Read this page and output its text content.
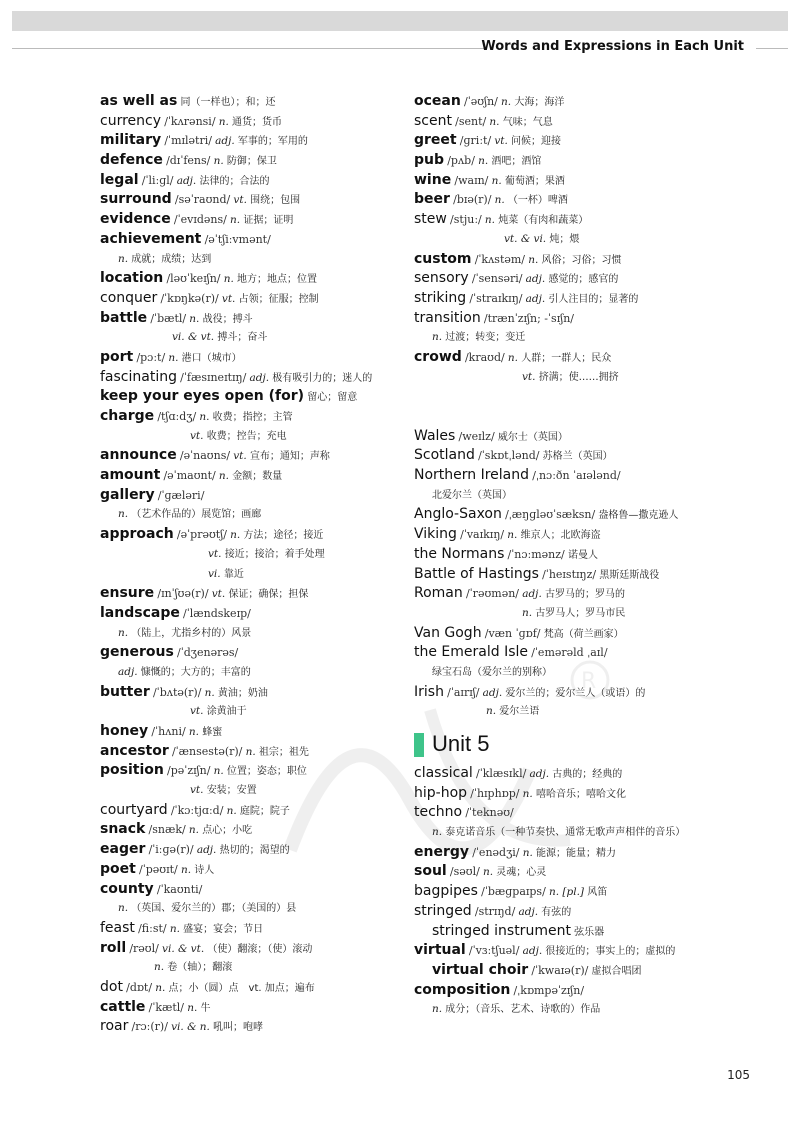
Words and Expressions in Each Unit
R
as well as 同（一样也）；和；还
currency /ˈkʌrənsi/ n. 通货；货币
military /ˈmɪlətri/ adj. 军事的；军用的
defence /dɪˈfens/ n. 防御；保卫
legal /ˈliːɡl/ adj. 法律的；合法的
surround /səˈraʊnd/ vt. 围绕；包围
evidence /ˈevɪdəns/ n. 证据；证明
achievement /əˈtʃiːvmənt/
n. 成就；成绩；达到
location /ləʊˈkeɪʃn/ n. 地方；地点；位置
conquer /ˈkɒŋkə(r)/ vt. 占领；征服；控制
battle /ˈbætl/ n. 战役；搏斗
vi. & vt. 搏斗；奋斗
port /pɔːt/ n. 港口（城市）
fascinating /ˈfæsɪneɪtɪŋ/ adj. 极有吸引力的；迷人的
keep your eyes open (for) 留心；留意
charge /tʃɑːdʒ/ n. 收费；指控；主管
vt. 收费；控告；充电
announce /əˈnaʊns/ vt. 宣布；通知；声称
amount /əˈmaʊnt/ n. 金额；数量
gallery /ˈɡæləri/
n. （艺术作品的）展览馆；画廊
approach /əˈprəʊtʃ/ n. 方法；途径；接近
vt. 接近；接洽；着手处理
vi. 靠近
ensure /ɪnˈʃʊə(r)/ vt. 保证；确保；担保
landscape /ˈlændskeɪp/
n. （陆上，尤指乡村的）风景
generous /ˈdʒenərəs/
adj. 慷慨的；大方的；丰富的
butter /ˈbʌtə(r)/ n. 黄油；奶油
vt. 涂黄油于
honey /ˈhʌni/ n. 蜂蜜
ancestor /ˈænsestə(r)/ n. 祖宗；祖先
position /pəˈzɪʃn/ n. 位置；姿态；职位
vt. 安装；安置
courtyard /ˈkɔːtjɑːd/ n. 庭院；院子
snack /snæk/ n. 点心；小吃
eager /ˈiːɡə(r)/ adj. 热切的；渴望的
poet /ˈpəʊɪt/ n. 诗人
county /ˈkaʊnti/
n. （英国、爱尔兰的）郡；（美国的）县
feast /fiːst/ n. 盛宴；宴会；节日
roll /rəʊl/ vi. & vt. （使）翻滚；（使）滚动
n. 卷（轴）；翻滚
dot /dɒt/ n. 点；小（圆）点　vt. 加点；遍布
cattle /ˈkætl/ n. 牛
roar /rɔː(r)/ vi. & n. 吼叫；咆哮
ocean /ˈəʊʃn/ n. 大海；海洋
scent /sent/ n. 气味；气息
greet /ɡriːt/ vt. 问候；迎接
pub /pʌb/ n. 酒吧；酒馆
wine /waɪn/ n. 葡萄酒；果酒
beer /bɪə(r)/ n. （一杯）啤酒
stew /stjuː/ n. 炖菜（有肉和蔬菜）
vt. & vi. 炖；煨
custom /ˈkʌstəm/ n. 风俗；习俗；习惯
sensory /ˈsensəri/ adj. 感觉的；感官的
striking /ˈstraɪkɪŋ/ adj. 引人注目的；显著的
transition /trænˈzɪʃn; -ˈsɪʃn/
n. 过渡；转变；变迁
crowd /kraʊd/ n. 人群；一群人；民众
vt. 挤满；使……拥挤
Wales /weɪlz/ 威尔士（英国）
Scotland /ˈskɒtˌlənd/ 苏格兰（英国）
Northern Ireland /ˌnɔːðn ˈaɪələnd/
北爱尔兰（英国）
Anglo-Saxon /ˌæŋɡləʊˈsæksn/ 盎格鲁—撒克逊人
Viking /ˈvaɪkɪŋ/ n. 维京人；北欧海盗
the Normans /ˈnɔːmənz/ 诺曼人
Battle of Hastings /ˈheɪstɪŋz/ 黑斯廷斯战役
Roman /ˈrəʊmən/ adj. 古罗马的；罗马的
n. 古罗马人；罗马市民
Van Gogh /væn ˈɡɒf/ 梵高（荷兰画家）
the Emerald Isle /ˈemərəld ˌaɪl/
绿宝石岛（爱尔兰的别称）
Irish /ˈaɪrɪʃ/ adj. 爱尔兰的；爱尔兰人（或语）的
n. 爱尔兰语
Unit 5
classical /ˈklæsɪkl/ adj. 古典的；经典的
hip-hop /ˈhɪphɒp/ n. 嘻哈音乐；嘻哈文化
techno /ˈteknəʊ/
n. 泰克诺音乐（一种节奏快、通常无歌声声相伴的音乐）
energy /ˈenədʒi/ n. 能源；能量；精力
soul /səʊl/ n. 灵魂；心灵
bagpipes /ˈbæɡpaɪps/ n. [pl.] 风笛
stringed /strɪŋd/ adj. 有弦的
stringed instrument 弦乐器
virtual /ˈvɜːtʃuəl/ adj. 很接近的；事实上的；虚拟的
virtual choir /ˈkwaɪə(r)/ 虚拟合唱团
composition /ˌkɒmpəˈzɪʃn/
n. 成分；（音乐、艺术、诗歌的）作品
105
